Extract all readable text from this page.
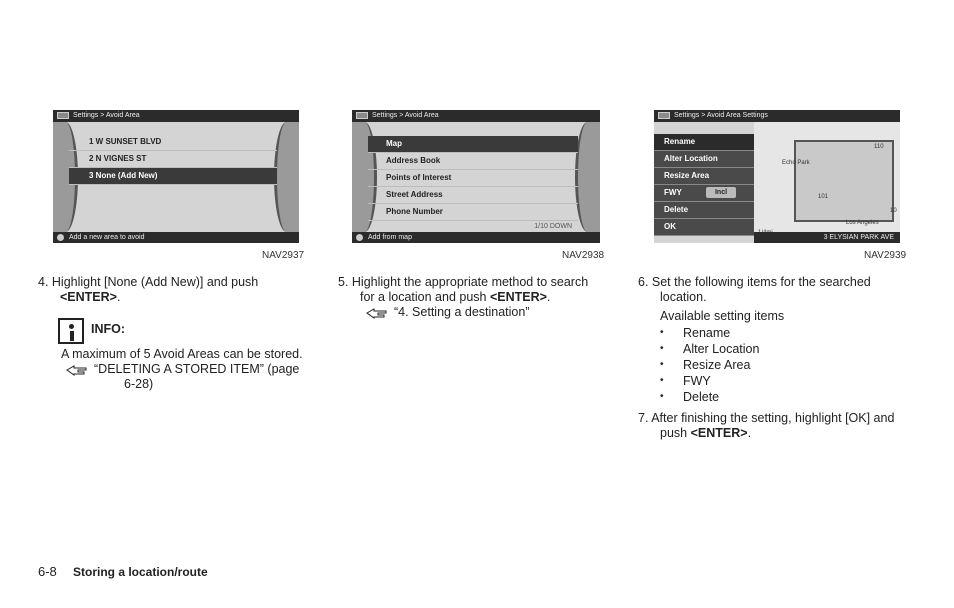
Settings > Avoid Area
1 W SUNSET BLVD
2 N VIGNES ST
3 None (Add New)
Add a new area to avoid
NAV2937
Settings > Avoid Area
Map
Address Book
Points of Interest
Street Address
Phone Number
1/10 DOWN
Add from map
NAV2938
Settings > Avoid Area Settings
Echo Park
Los Angeles
110
101
10
Rename
Alter Location
Resize Area
FWY	Incl
Delete
OK
3 ELYSIAN PARK AVE
NAV2939
4. Highlight [None (Add New)] and push
<ENTER>.
INFO:
A maximum of 5 Avoid Areas can be stored.
“DELETING A STORED ITEM” (page
6-28)
5. Highlight the appropriate method to search
for a location and push <ENTER>.
“4. Setting a destination”
6. Set the following items for the searched
location.
Available setting items
• Rename
• Alter Location
• Resize Area
• FWY
• Delete
7. After finishing the setting, highlight [OK] and
push <ENTER>.
6-8 Storing a location/route
